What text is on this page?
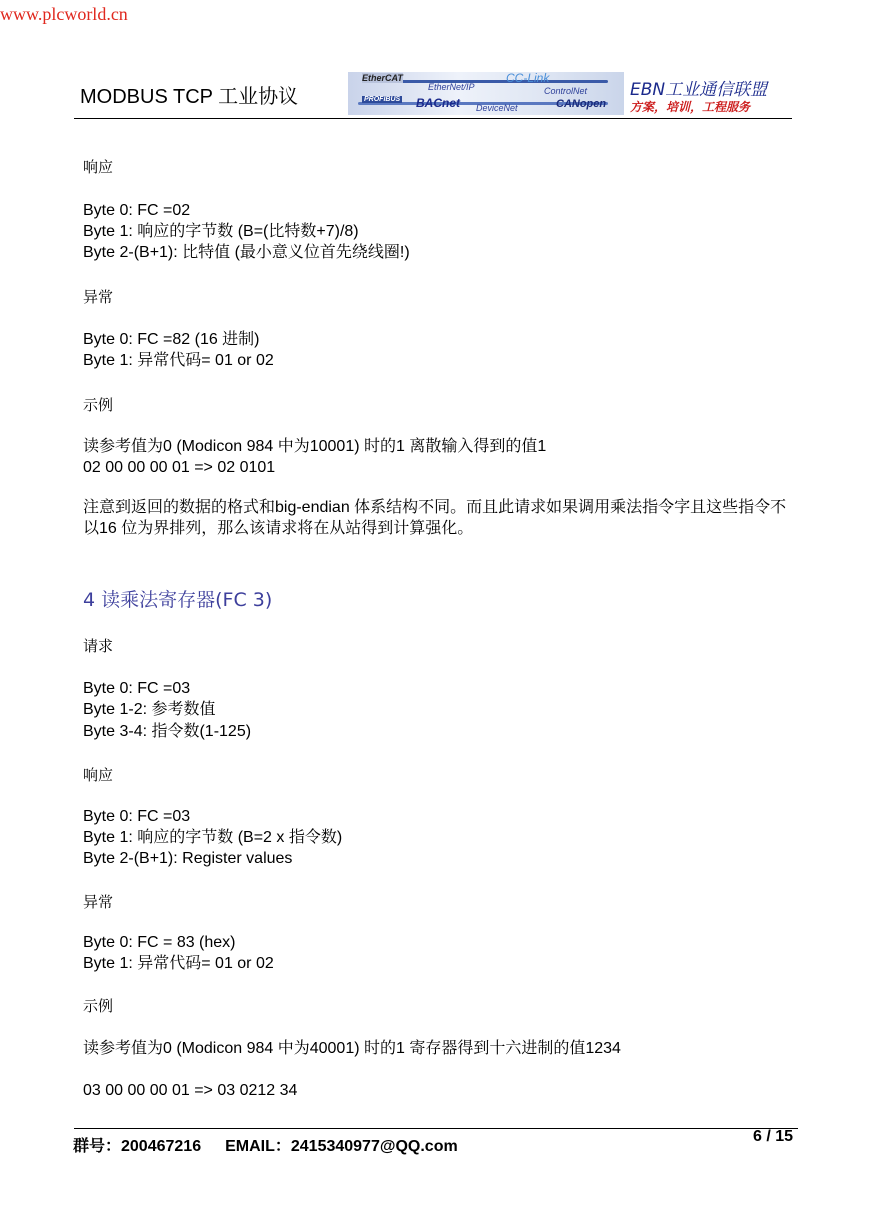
www.plcworld.cn
MODBUS TCP 工业协议
EtherCAT
EtherNet/IP
CC-Link
ControlNet
PROFIBUS BACnet DeviceNet	CANopen
EBN工业通信联盟
方案，培训，工程服务
响应
Byte 0: FC =02
Byte 1: 响应的字节数 (B=(比特数+7)/8)
Byte 2-(B+1): 比特值 (最小意义位首先绕线圈!)
异常
Byte 0: FC =82 (16 进制)
Byte 1: 异常代码= 01 or 02
示例
读参考值为0 (Modicon 984 中为10001) 时的1 离散输入得到的值1
02 00 00 00 01 => 02 0101
注意到返回的数据的格式和big-endian 体系结构不同。而且此请求如果调用乘法指令字且这些指令不以16 位为界排列，那么该请求将在从站得到计算强化。
4 读乘法寄存器(FC 3)
请求
Byte 0: FC =03
Byte 1-2: 参考数值
Byte 3-4: 指令数(1-125)
响应
Byte 0: FC =03
Byte 1: 响应的字节数 (B=2 x 指令数)
Byte 2-(B+1): Register values
异常
Byte 0: FC = 83 (hex)
Byte 1: 异常代码= 01 or 02
示例
读参考值为0 (Modicon 984 中为40001) 时的1 寄存器得到十六进制的值1234
03 00 00 00 01 => 03 0212 34
群号：200467216 EMAIL：2415340977@QQ.com
6 / 15
